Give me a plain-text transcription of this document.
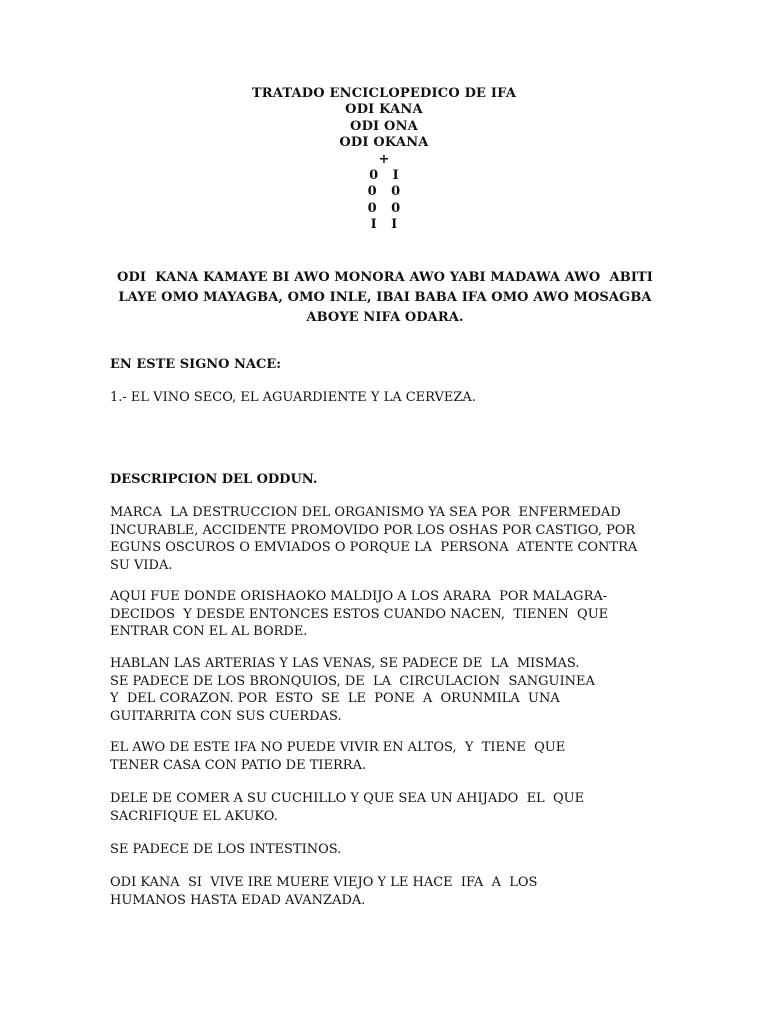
TRATADO ENCICLOPEDICO DE IFA
ODI KANA
ODI ONA
ODI OKANA
+
0   I
0   0
0   0
I   I
ODI  KANA KAMAYE BI AWO MONORA AWO YABI MADAWA AWO  ABITI
LAYE OMO MAYAGBA, OMO INLE, IBAI BABA IFA OMO AWO MOSAGBA
ABOYE NIFA ODARA.
EN ESTE SIGNO NACE:
1.- EL VINO SECO, EL AGUARDIENTE Y LA CERVEZA.
DESCRIPCION DEL ODDUN.
MARCA  LA DESTRUCCION DEL ORGANISMO YA SEA POR  ENFERMEDAD
INCURABLE, ACCIDENTE PROMOVIDO POR LOS OSHAS POR CASTIGO, POR
EGUNS OSCUROS O EMVIADOS O PORQUE LA  PERSONA  ATENTE CONTRA
SU VIDA.
AQUI FUE DONDE ORISHAOKO MALDIJO A LOS ARARA  POR MALAGRA-
DECIDOS  Y DESDE ENTONCES ESTOS CUANDO NACEN,  TIENEN  QUE
ENTRAR CON EL AL BORDE.
HABLAN LAS ARTERIAS Y LAS VENAS, SE PADECE DE  LA  MISMAS.
SE PADECE DE LOS BRONQUIOS, DE  LA  CIRCULACION  SANGUINEA
Y  DEL CORAZON. POR  ESTO  SE  LE  PONE  A  ORUNMILA  UNA
GUITARRITA CON SUS CUERDAS.
EL AWO DE ESTE IFA NO PUEDE VIVIR EN ALTOS,  Y  TIENE  QUE
TENER CASA CON PATIO DE TIERRA.
DELE DE COMER A SU CUCHILLO Y QUE SEA UN AHIJADO  EL  QUE
SACRIFIQUE EL AKUKO.
SE PADECE DE LOS INTESTINOS.
ODI KANA  SI  VIVE IRE MUERE VIEJO Y LE HACE  IFA  A  LOS
HUMANOS HASTA EDAD AVANZADA.
